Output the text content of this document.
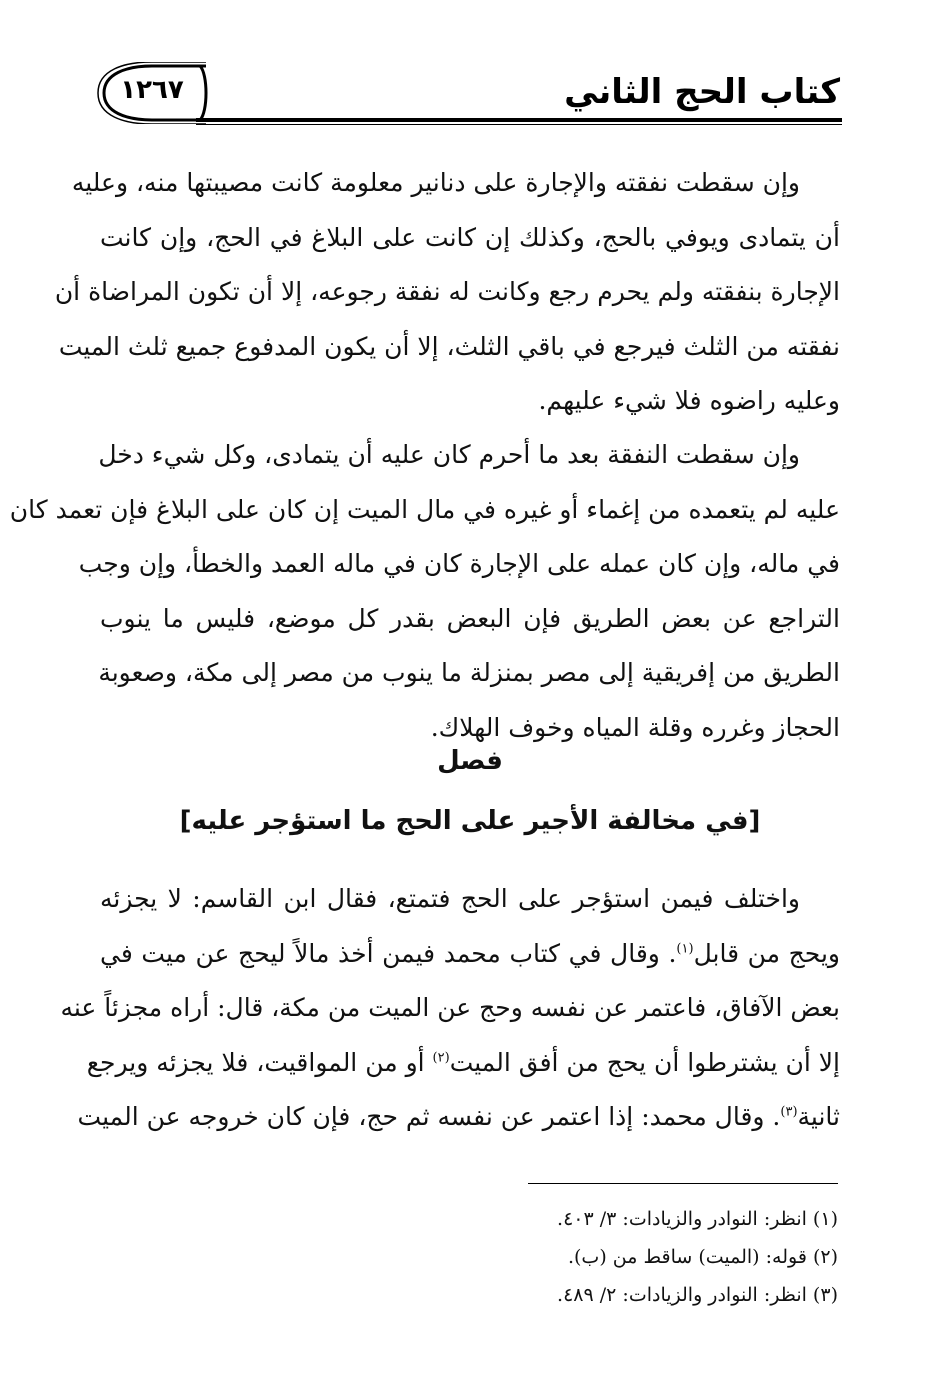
كتاب الحج الثاني
١٢٦٧
وإن سقطت نفقته والإجارة على دنانير معلومة كانت مصيبتها منه، وعليه
أن يتمادى ويوفي بالحج، وكذلك إن كانت على البلاغ في الحج، وإن كانت
الإجارة بنفقته ولم يحرم رجع وكانت له نفقة رجوعه، إلا أن تكون المراضاة أن
نفقته من الثلث فيرجع في باقي الثلث، إلا أن يكون المدفوع جميع ثلث الميت
وعليه راضوه فلا شيء عليهم.
وإن سقطت النفقة بعد ما أحرم كان عليه أن يتمادى، وكل شيء دخل
عليه لم يتعمده من إغماء أو غيره في مال الميت إن كان على البلاغ فإن تعمد كان
في ماله، وإن كان عمله على الإجارة كان في ماله العمد والخطأ، وإن وجب
التراجع عن بعض الطريق فإن البعض بقدر كل موضع، فليس ما ينوب
الطريق من إفريقية إلى مصر بمنزلة ما ينوب من مصر إلى مكة، وصعوبة
الحجاز وغرره وقلة المياه وخوف الهلاك.
فصل
[في مخالفة الأجير على الحج ما استؤجر عليه]
واختلف فيمن استؤجر على الحج فتمتع، فقال ابن القاسم: لا يجزئه
ويحج من قابل$^{(١)}$. وقال في كتاب محمد فيمن أخذ مالاً ليحج عن ميت في
بعض الآفاق، فاعتمر عن نفسه وحج عن الميت من مكة، قال: أراه مجزئاً عنه
إلا أن يشترطوا أن يحج من أفق الميت$^{(٢)}$ أو من المواقيت، فلا يجزئه ويرجع
ثانية$^{(٣)}$. وقال محمد: إذا اعتمر عن نفسه ثم حج، فإن كان خروجه عن الميت
(١) انظر: النوادر والزيادات: ٣/ ٤٠٣.
(٢) قوله: (الميت) ساقط من (ب).
(٣) انظر: النوادر والزيادات: ٢/ ٤٨٩.
